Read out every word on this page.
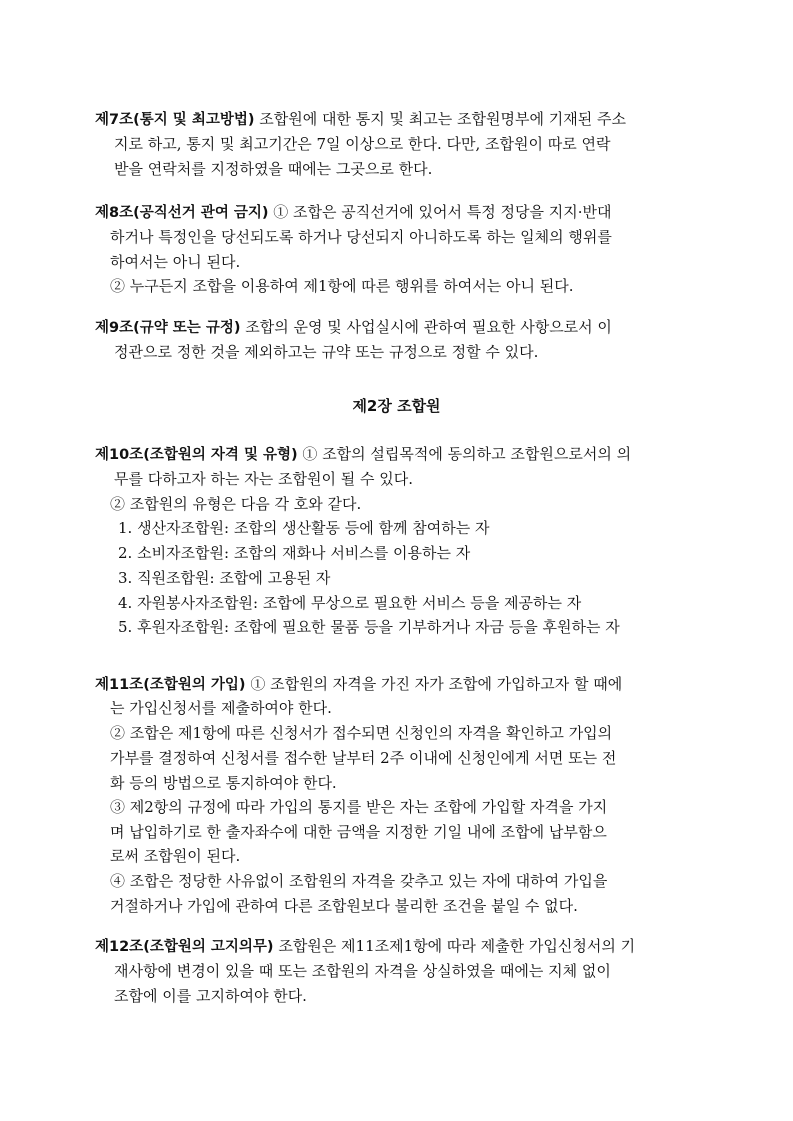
제7조(통지 및 최고방법) 조합원에 대한 통지 및 최고는 조합원명부에 기재된 주소
지로 하고, 통지 및 최고기간은 7일 이상으로 한다. 다만, 조합원이 따로 연락
받을 연락처를 지정하였을 때에는 그곳으로 한다.
제8조(공직선거 관여 금지) ① 조합은 공직선거에 있어서 특정 정당을 지지·반대
하거나 특정인을 당선되도록 하거나 당선되지 아니하도록 하는 일체의 행위를
하여서는 아니 된다.
② 누구든지 조합을 이용하여 제1항에 따른 행위를 하여서는 아니 된다.
제9조(규약 또는 규정) 조합의 운영 및 사업실시에 관하여 필요한 사항으로서 이
정관으로 정한 것을 제외하고는 규약 또는 규정으로 정할 수 있다.
제2장 조합원
제10조(조합원의 자격 및 유형) ① 조합의 설립목적에 동의하고 조합원으로서의 의
무를 다하고자 하는 자는 조합원이 될 수 있다.
② 조합원의 유형은 다음 각 호와 같다.
1. 생산자조합원: 조합의 생산활동 등에 함께 참여하는 자
2. 소비자조합원: 조합의 재화나 서비스를 이용하는 자
3. 직원조합원: 조합에 고용된 자
4. 자원봉사자조합원: 조합에 무상으로 필요한 서비스 등을 제공하는 자
5. 후원자조합원: 조합에 필요한 물품 등을 기부하거나 자금 등을 후원하는 자
제11조(조합원의 가입) ① 조합원의 자격을 가진 자가 조합에 가입하고자 할 때에
는 가입신청서를 제출하여야 한다.
② 조합은 제1항에 따른 신청서가 접수되면 신청인의 자격을 확인하고 가입의
가부를 결정하여 신청서를 접수한 날부터 2주 이내에 신청인에게 서면 또는 전
화 등의 방법으로 통지하여야 한다.
③ 제2항의 규정에 따라 가입의 통지를 받은 자는 조합에 가입할 자격을 가지
며 납입하기로 한 출자좌수에 대한 금액을 지정한 기일 내에 조합에 납부함으
로써 조합원이 된다.
④ 조합은 정당한 사유없이 조합원의 자격을 갖추고 있는 자에 대하여 가입을
거절하거나 가입에 관하여 다른 조합원보다 불리한 조건을 붙일 수 없다.
제12조(조합원의 고지의무) 조합원은 제11조제1항에 따라 제출한 가입신청서의 기
재사항에 변경이 있을 때 또는 조합원의 자격을 상실하였을 때에는 지체 없이
조합에 이를 고지하여야 한다.
